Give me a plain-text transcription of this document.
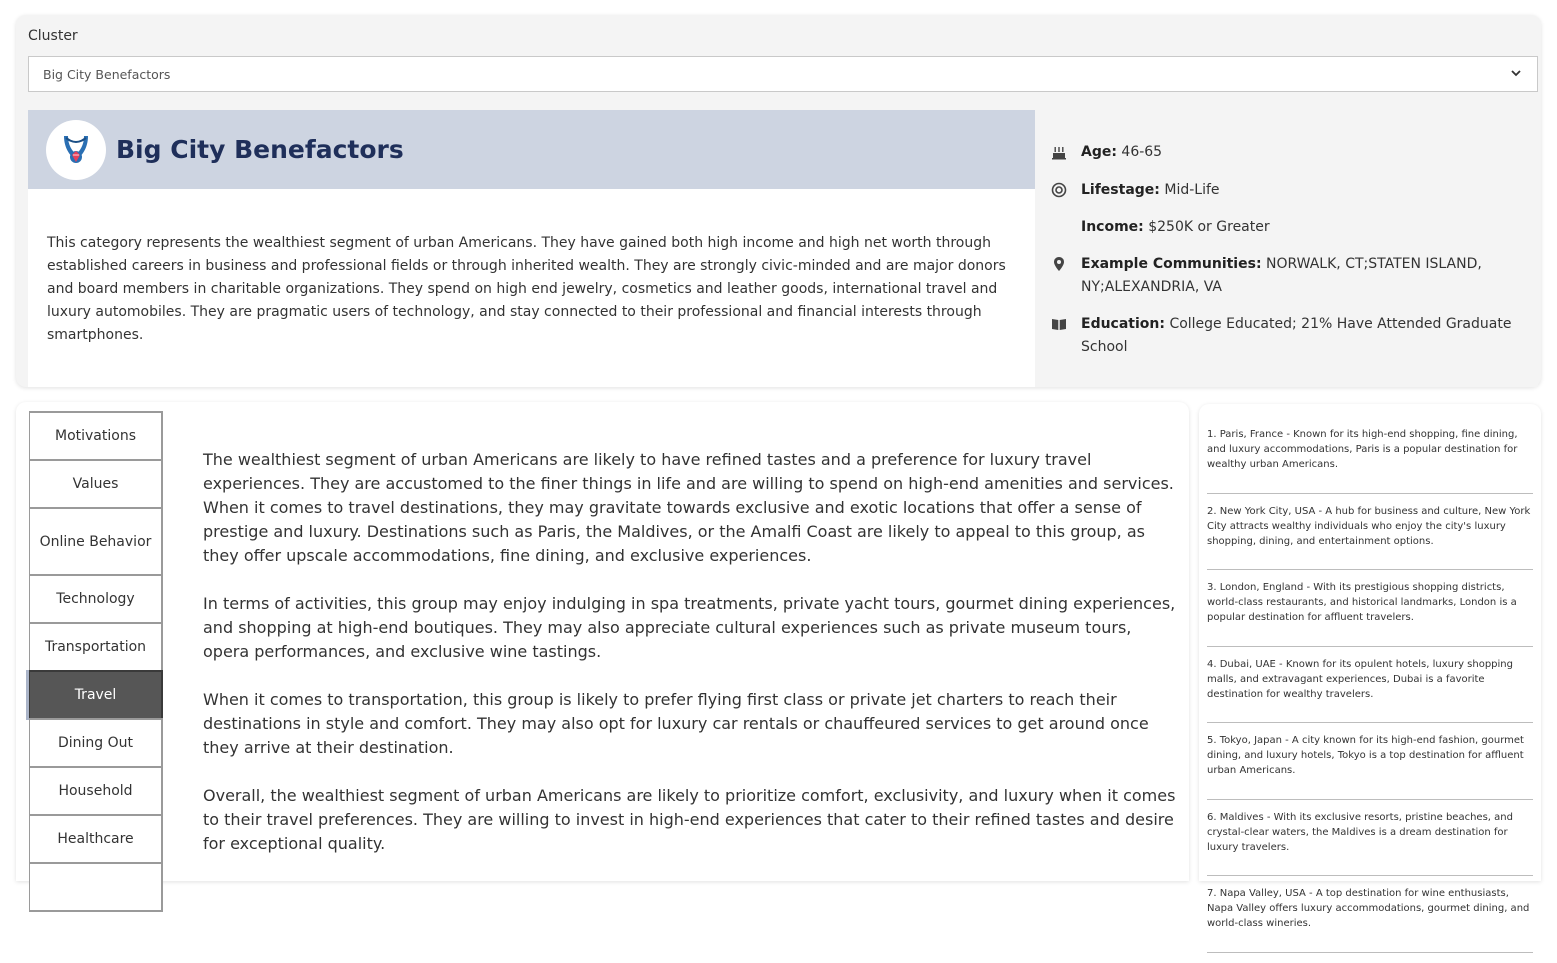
Cluster
Big City Benefactors
Big City Benefactors
This category represents the wealthiest segment of urban Americans. They have gained both high income and high net worth through established careers in business and professional fields or through inherited wealth. They are strongly civic-minded and are major donors and board members in charitable organizations. They spend on high end jewelry, cosmetics and leather goods, international travel and luxury automobiles. They are pragmatic users of technology, and stay connected to their professional and financial interests through smartphones.
Age: 46-65
Lifestage: Mid-Life
Income: $250K or Greater
Example Communities: NORWALK, CT;STATEN ISLAND, NY;ALEXANDRIA, VA
Education: College Educated; 21% Have Attended Graduate School
Motivations
Values
Online Behavior
Technology
Transportation
Travel
Dining Out
Household
Healthcare

The wealthiest segment of urban Americans are likely to have refined tastes and a preference for luxury travel experiences. They are accustomed to the finer things in life and are willing to spend on high-end amenities and services. When it comes to travel destinations, they may gravitate towards exclusive and exotic locations that offer a sense of prestige and luxury. Destinations such as Paris, the Maldives, or the Amalfi Coast are likely to appeal to this group, as they offer upscale accommodations, fine dining, and exclusive experiences.

In terms of activities, this group may enjoy indulging in spa treatments, private yacht tours, gourmet dining experiences, and shopping at high-end boutiques. They may also appreciate cultural experiences such as private museum tours, opera performances, and exclusive wine tastings.

When it comes to transportation, this group is likely to prefer flying first class or private jet charters to reach their destinations in style and comfort. They may also opt for luxury car rentals or chauffeured services to get around once they arrive at their destination.

Overall, the wealthiest segment of urban Americans are likely to prioritize comfort, exclusivity, and luxury when it comes to their travel preferences. They are willing to invest in high-end experiences that cater to their refined tastes and desire for exceptional quality.

1. Paris, France - Known for its high-end shopping, fine dining, and luxury accommodations, Paris is a popular destination for wealthy urban Americans.
2. New York City, USA - A hub for business and culture, New York City attracts wealthy individuals who enjoy the city's luxury shopping, dining, and entertainment options.
3. London, England - With its prestigious shopping districts, world-class restaurants, and historical landmarks, London is a popular destination for affluent travelers.
4. Dubai, UAE - Known for its opulent hotels, luxury shopping malls, and extravagant experiences, Dubai is a favorite destination for wealthy travelers.
5. Tokyo, Japan - A city known for its high-end fashion, gourmet dining, and luxury hotels, Tokyo is a top destination for affluent urban Americans.
6. Maldives - With its exclusive resorts, pristine beaches, and crystal-clear waters, the Maldives is a dream destination for luxury travelers.
7. Napa Valley, USA - A top destination for wine enthusiasts, Napa Valley offers luxury accommodations, gourmet dining, and world-class wineries.
